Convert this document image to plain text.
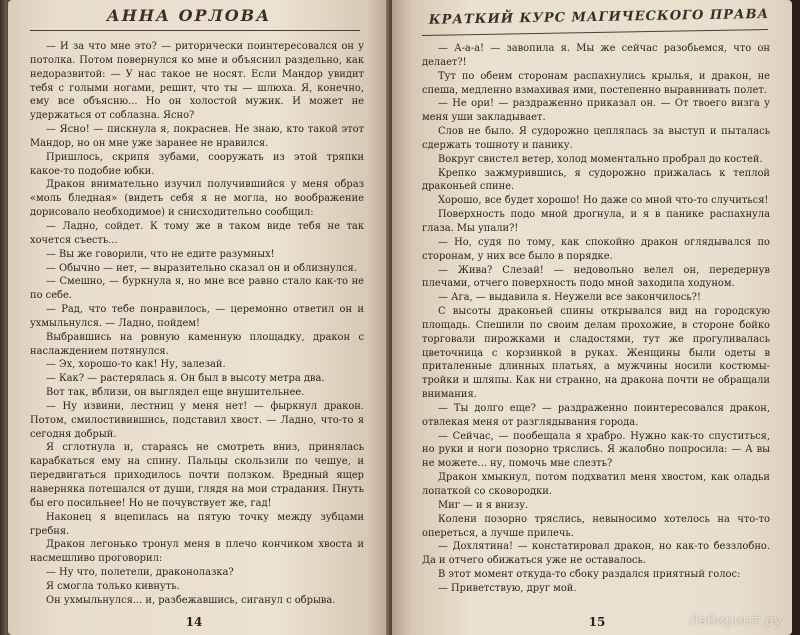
АННА ОРЛОВА

— И за что мне это? — риторически поинтересовался он у потолка. Потом повернулся ко мне и объяснил раздельно, как недоразвитой: — У нас такое не носят. Если Мандор увидит тебя с голыми ногами, решит, что ты — шлюха. Я, конечно, ему все объясню... Но он холостой мужик. И может не удержаться от соблазна. Ясно?

— Ясно! — пискнула я, покраснев. Не знаю, кто такой этот Мандор, но он мне уже заранее не нравился.

Пришлось, скрипя зубами, сооружать из этой тряпки какое-то подобие юбки.

Дракон внимательно изучил получившийся у меня образ «моль бледная» (видеть себя я не могла, но воображение дорисовало необходимое) и снисходительно сообщил:

— Ладно, сойдет. К тому же в таком виде тебя не так хочется съесть...

— Вы же говорили, что не едите разумных!

— Обычно — нет, — выразительно сказал он и облизнулся.

— Смешно, — буркнула я, но мне все равно стало как-то не по себе.

— Рад, что тебе понравилось, — церемонно ответил он и ухмыльнулся. — Ладно, пойдем!

Выбравшись на ровную каменную площадку, дракон с наслаждением потянулся.

— Эх, хорошо-то как! Ну, залезай.

— Как? — растерялась я. Он был в высоту метра два.

Вот так, вблизи, он выглядел еще внушительнее.

— Ну извини, лестниц у меня нет! — фыркнул дракон. Потом, смилостивившись, подставил хвост. — Ладно, что-то я сегодня добрый.

Я сглотнула и, стараясь не смотреть вниз, принялась карабкаться ему на спину. Пальцы скользили по чешуе, и передвигаться приходилось почти ползком. Вредный ящер наверняка потешался от души, глядя на мои страдания. Пнуть бы его посильнее! Но не почувствует же, гад!

Наконец я вцепилась на пятую точку между зубцами гребня.

Дракон легонько тронул меня в плечо кончиком хвоста и насмешливо проговорил:

— Ну что, полетели, драконолазка?

Я смогла только кивнуть.

Он ухмыльнулся... и, разбежавшись, сиганул с обрыва.

14
КРАТКИЙ КУРС МАГИЧЕСКОГО ПРАВА

— А-а-а! — завопила я. Мы же сейчас разобьемся, что он делает?!

Тут по обеим сторонам распахнулись крылья, и дракон, не спеша, медленно взмахивая ими, постепенно выравнивать полет.

— Не ори! — раздраженно приказал он. — От твоего визга у меня уши закладывает.

Слов не было. Я судорожно цеплялась за выступ и пыталась сдержать тошноту и панику.

Вокруг свистел ветер, холод моментально пробрал до костей.

Крепко зажмурившись, я судорожно прижалась к теплой драконьей спине.

Хорошо, все будет хорошо! Но даже со мной что-то случиться!

Поверхность подо мной дрогнула, и я в панике распахнула глаза. Мы упали?!

— Но, судя по тому, как спокойно дракон оглядывался по сторонам, у них все было в порядке.

— Жива? Слезай! — недовольно велел он, передернув плечами, отчего поверхность подо мной заходила ходуном.

— Ага, — выдавила я. Неужели все закончилось?!

С высоты драконьей спины открывался вид на городскую площадь. Спешили по своим делам прохожие, в стороне бойко торговали пирожками и сладостями, тут же прогуливалась цветочница с корзинкой в руках. Женщины были одеты в приталенные длинных платьях, а мужчины носили костюмы-тройки и шляпы. Как ни странно, на дракона почти не обращали внимания.

— Ты долго еще? — раздраженно поинтересовался дракон, отвлекая меня от разглядывания города.

— Сейчас, — пообещала я храбро. Нужно как-то спуститься, но руки и ноги позорно тряслись. Я жалобно попросила: — А вы не можете... ну, помочь мне слезть?

Дракон хмыкнул, потом подхватил меня хвостом, как оладьи лопаткой со сковородки.

Миг — и я внизу.

Колени позорно тряслись, невыносимо хотелось на что-то опереться, а лучше прилечь.

— Дохлятина! — констатировал дракон, но как-то беззлобно. Да и отчего обижаться уже не оставалось.

В этот момент откуда-то сбоку раздался приятный голос:

— Приветствую, друг мой.

15	Лабиринт.ру
